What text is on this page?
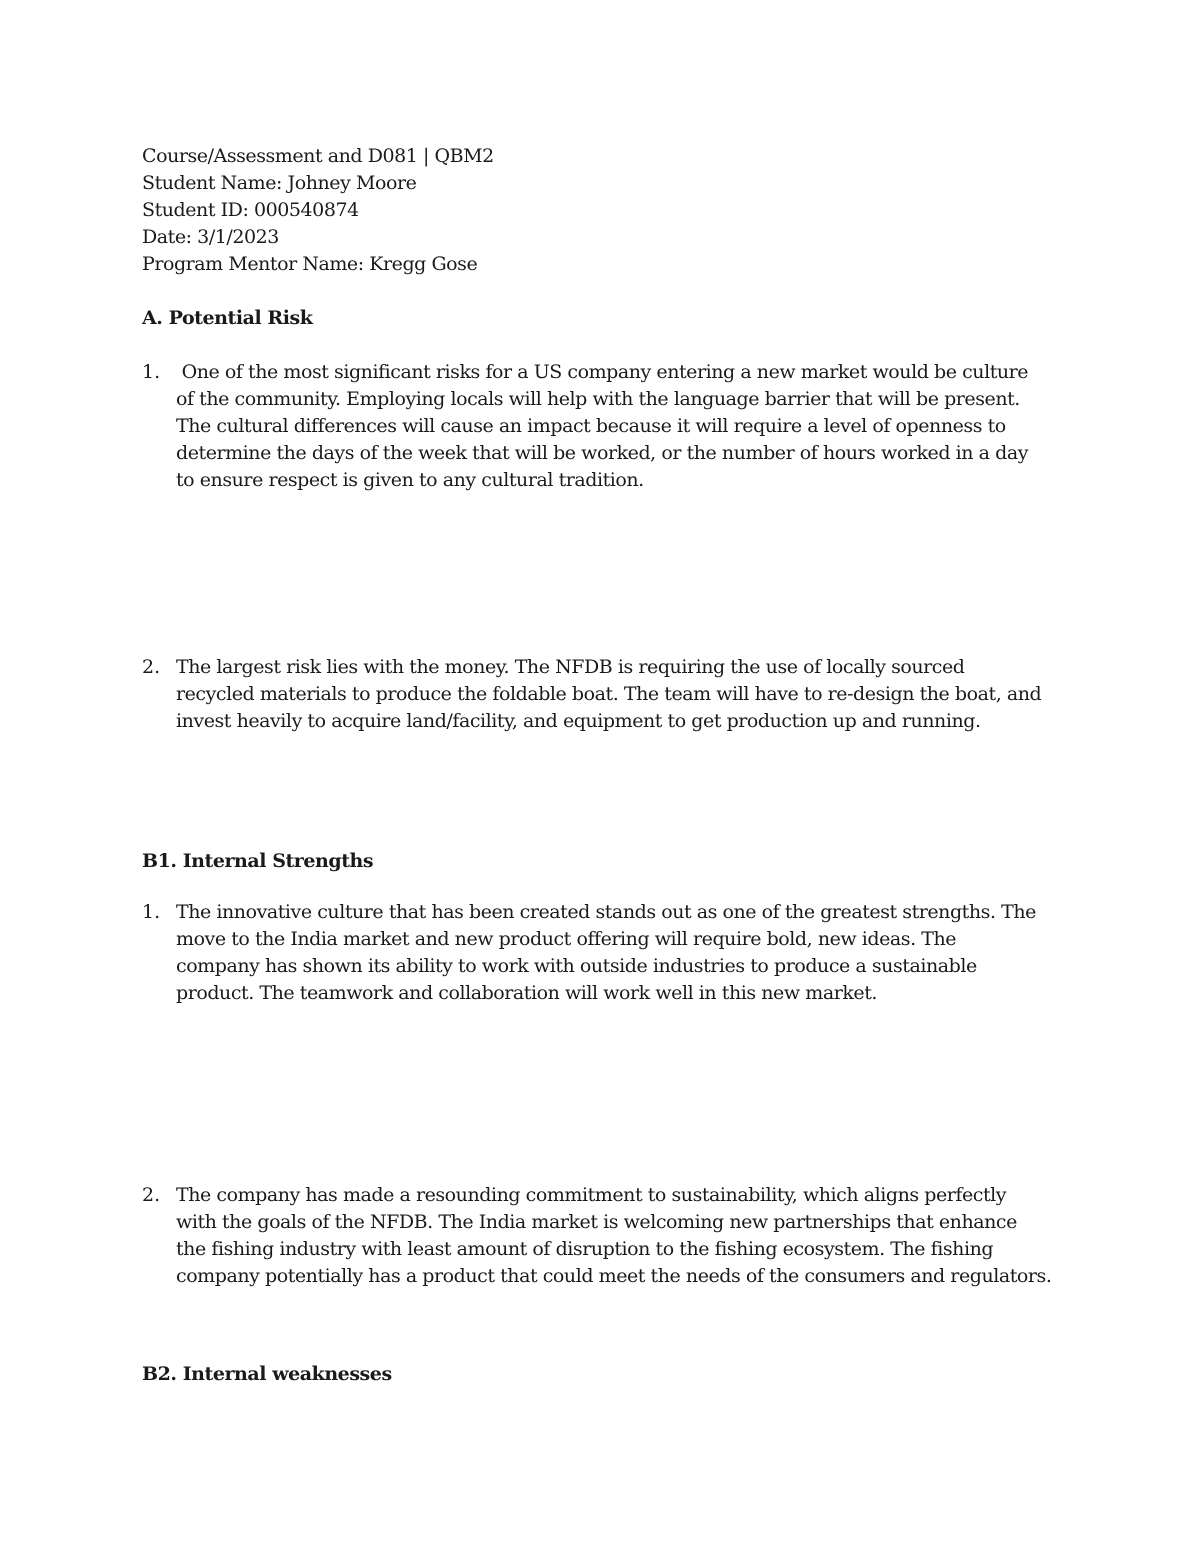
Course/Assessment and D081 | QBM2
Student Name: Johney Moore
Student ID: 000540874
Date: 3/1/2023
Program Mentor Name: Kregg Gose
A. Potential Risk
1. One of the most significant risks for a US company entering a new market would be culture
of the community. Employing locals will help with the language barrier that will be present.
The cultural differences will cause an impact because it will require a level of openness to
determine the days of the week that will be worked, or the number of hours worked in a day
to ensure respect is given to any cultural tradition.
2. The largest risk lies with the money. The NFDB is requiring the use of locally sourced
recycled materials to produce the foldable boat. The team will have to re-design the boat, and
invest heavily to acquire land/facility, and equipment to get production up and running.
B1. Internal Strengths
1. The innovative culture that has been created stands out as one of the greatest strengths. The
move to the India market and new product offering will require bold, new ideas. The
company has shown its ability to work with outside industries to produce a sustainable
product. The teamwork and collaboration will work well in this new market.
2. The company has made a resounding commitment to sustainability, which aligns perfectly
with the goals of the NFDB. The India market is welcoming new partnerships that enhance
the fishing industry with least amount of disruption to the fishing ecosystem. The fishing
company potentially has a product that could meet the needs of the consumers and regulators.
B2. Internal weaknesses
